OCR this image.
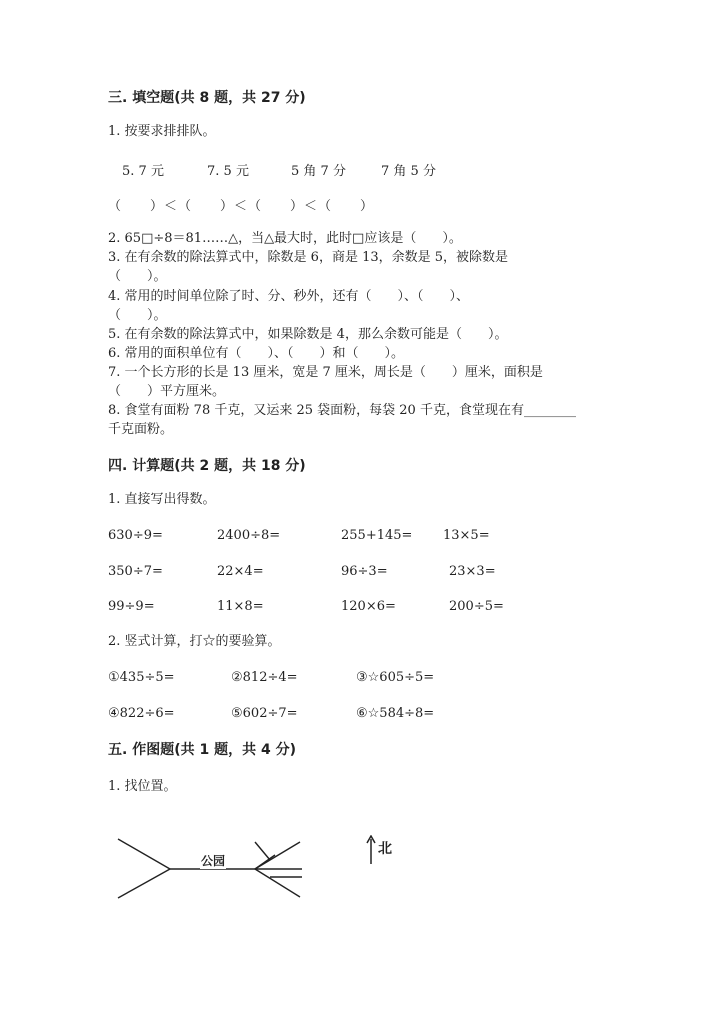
三. 填空题(共 8 题，共 27 分)
1. 按要求排排队。
5. 7 元	7. 5 元	5 角 7 分	7 角 5 分
（　　）＜（　　）＜（　　）＜（　　）
2. 65□÷8＝81……△，当△最大时，此时□应该是（　　）。
3. 在有余数的除法算式中，除数是 6，商是 13，余数是 5，被除数是
（　　）。
4. 常用的时间单位除了时、分、秒外，还有（　　）、（　　）、
（　　）。
5. 在有余数的除法算式中，如果除数是 4，那么余数可能是（　　）。
6. 常用的面积单位有（　　）、（　　）和（　　）。
7. 一个长方形的长是 13 厘米，宽是 7 厘米，周长是（　　）厘米，面积是
（　　）平方厘米。
8. 食堂有面粉 78 千克，又运来 25 袋面粉，每袋 20 千克，食堂现在有________
千克面粉。
四. 计算题(共 2 题，共 18 分)
1. 直接写出得数。
630÷9=	2400÷8=	255+145= 13×5=
350÷7=	22×4=	96÷3=	23×3=
99÷9=	11×8=	120×6=	200÷5=
2. 竖式计算，打☆的要验算。
①435÷5=	②812÷4=	③☆605÷5=
④822÷6=	⑤602÷7=	⑥☆584÷8=
五. 作图题(共 1 题，共 4 分)
1. 找位置。
公园
北
